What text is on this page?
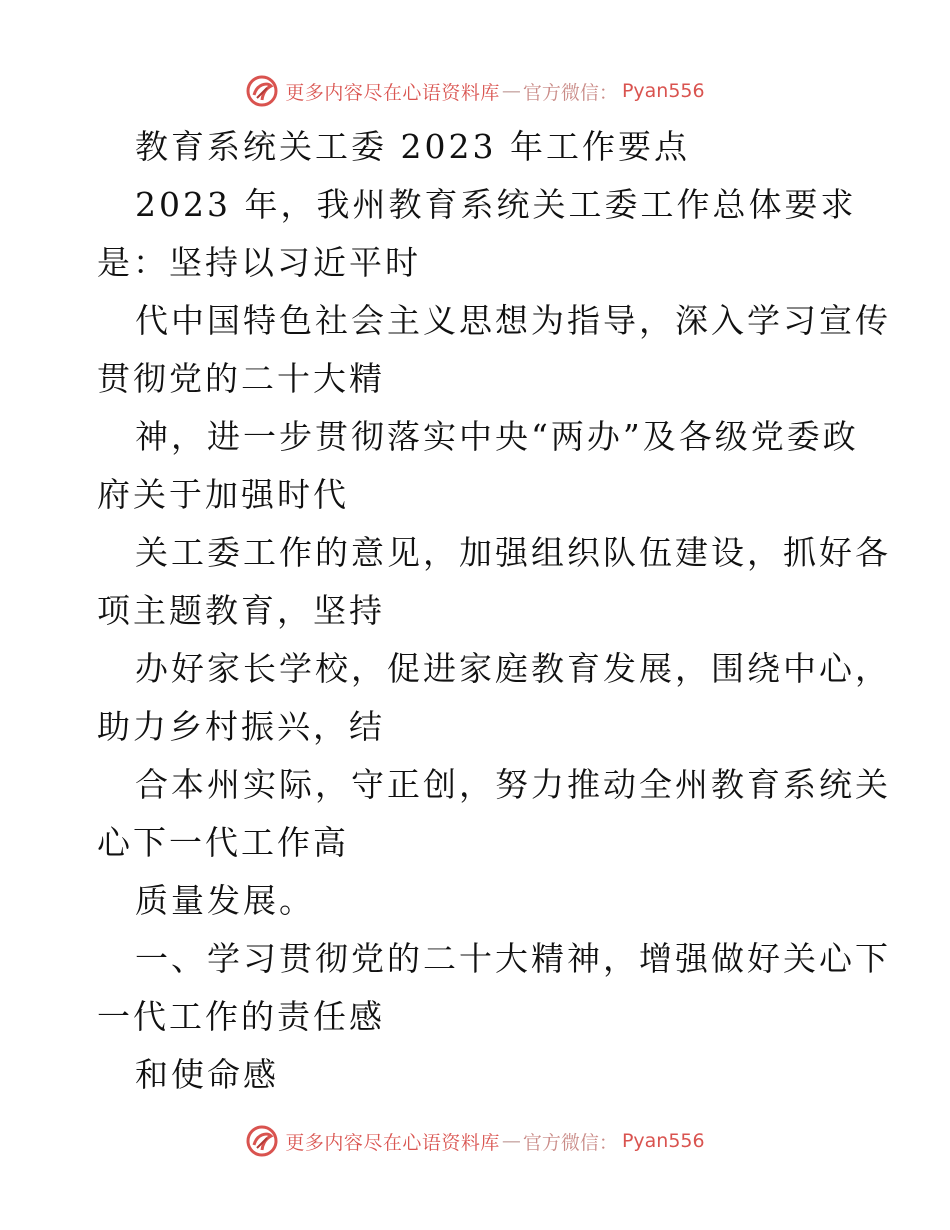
更多内容尽在心语资料库 — 官方微信： Pyan556
教育系统关工委 2023 年工作要点
2023 年，我州教育系统关工委工作总体要求
是：坚持以习近平时
代中国特色社会主义思想为指导，深入学习宣传
贯彻党的二十大精
神，进一步贯彻落实中央“两办”及各级党委政
府关于加强时代
关工委工作的意见，加强组织队伍建设，抓好各
项主题教育，坚持
办好家长学校，促进家庭教育发展，围绕中心，
助力乡村振兴，结
合本州实际，守正创，努力推动全州教育系统关
心下一代工作高
质量发展。
一、学习贯彻党的二十大精神，增强做好关心下
一代工作的责任感
和使命感
更多内容尽在心语资料库 — 官方微信： Pyan556
